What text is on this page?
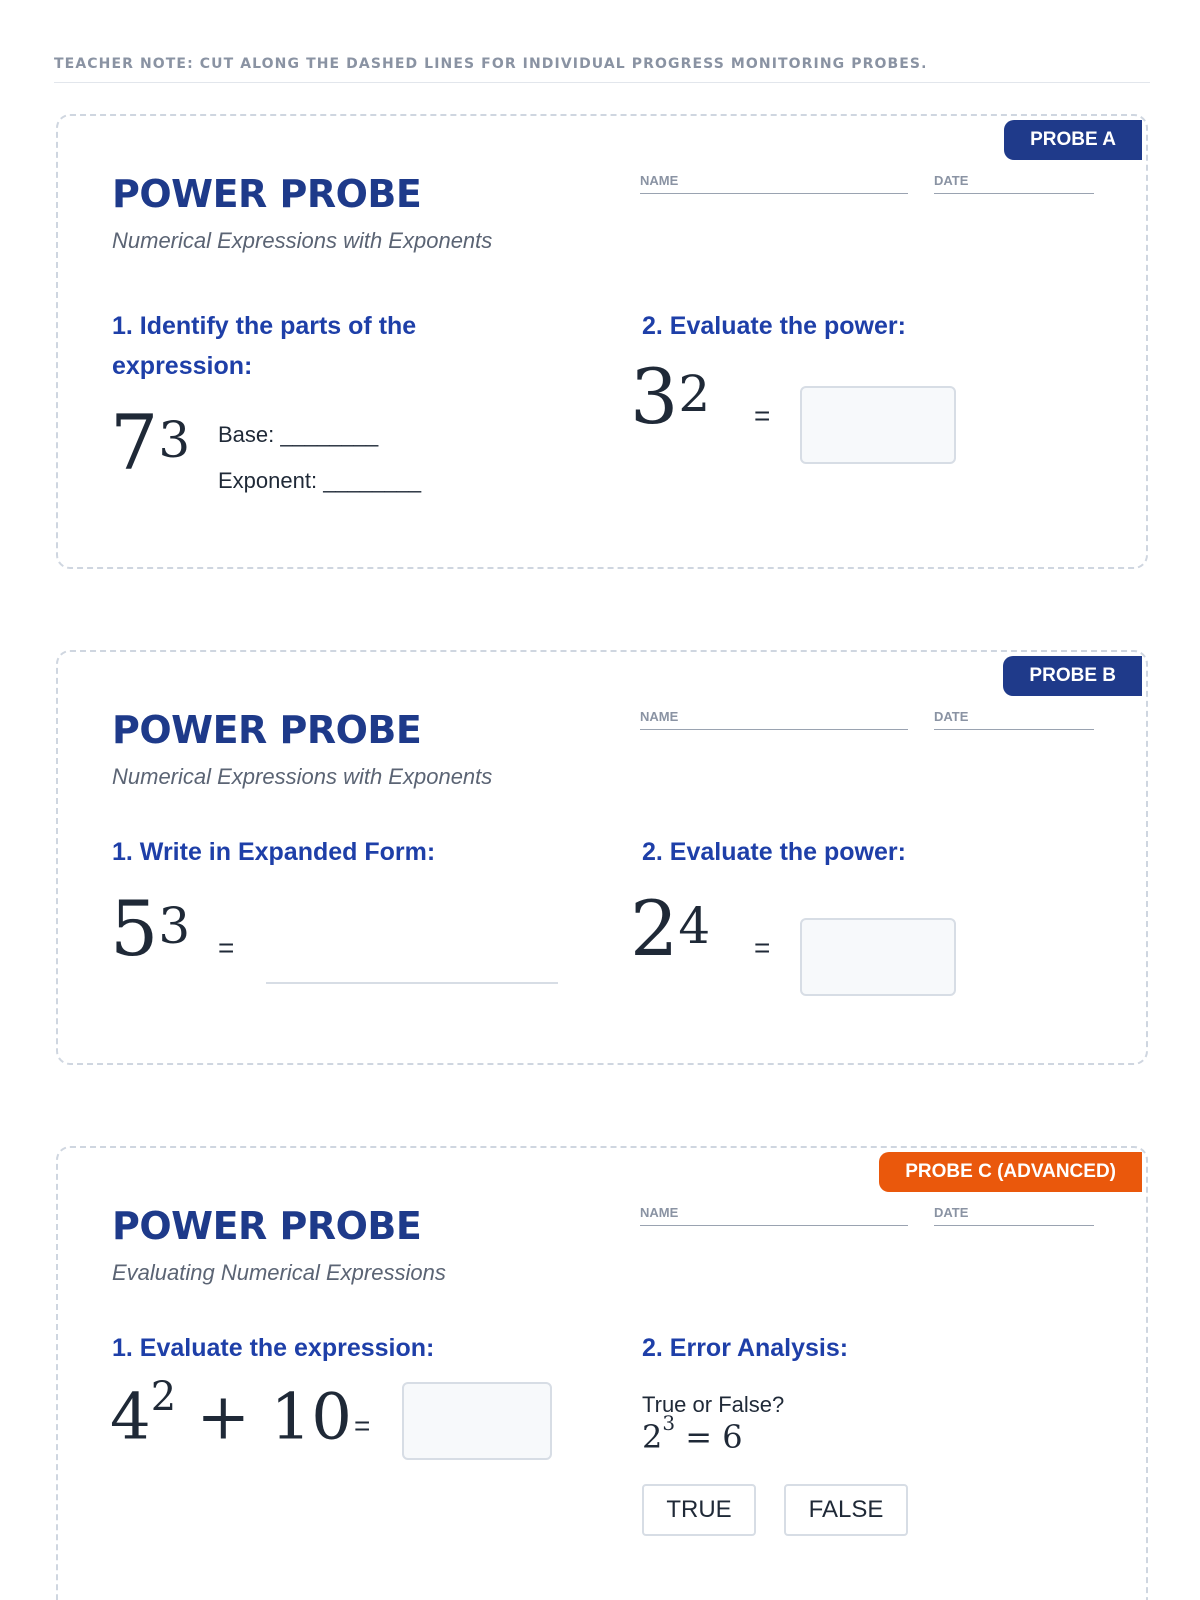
TEACHER NOTE: CUT ALONG THE DASHED LINES FOR INDIVIDUAL PROGRESS MONITORING PROBES.
PROBE A
POWER PROBE
Numerical Expressions with Exponents
NAME	DATE
1. Identify the parts of the expression:
$7^3$ Base: ________
Exponent: ________
2. Evaluate the power:
$3^2$ =
PROBE B
POWER PROBE
Numerical Expressions with Exponents
NAME	DATE
1. Write in Expanded Form:
$5^3$ =
2. Evaluate the power:
$2^4$ =
PROBE C (ADVANCED)
POWER PROBE
Evaluating Numerical Expressions
NAME	DATE
1. Evaluate the expression:
$4^2 + 10$ =
2. Error Analysis:
True or False?
$2^3 = 6$
TRUE	FALSE
